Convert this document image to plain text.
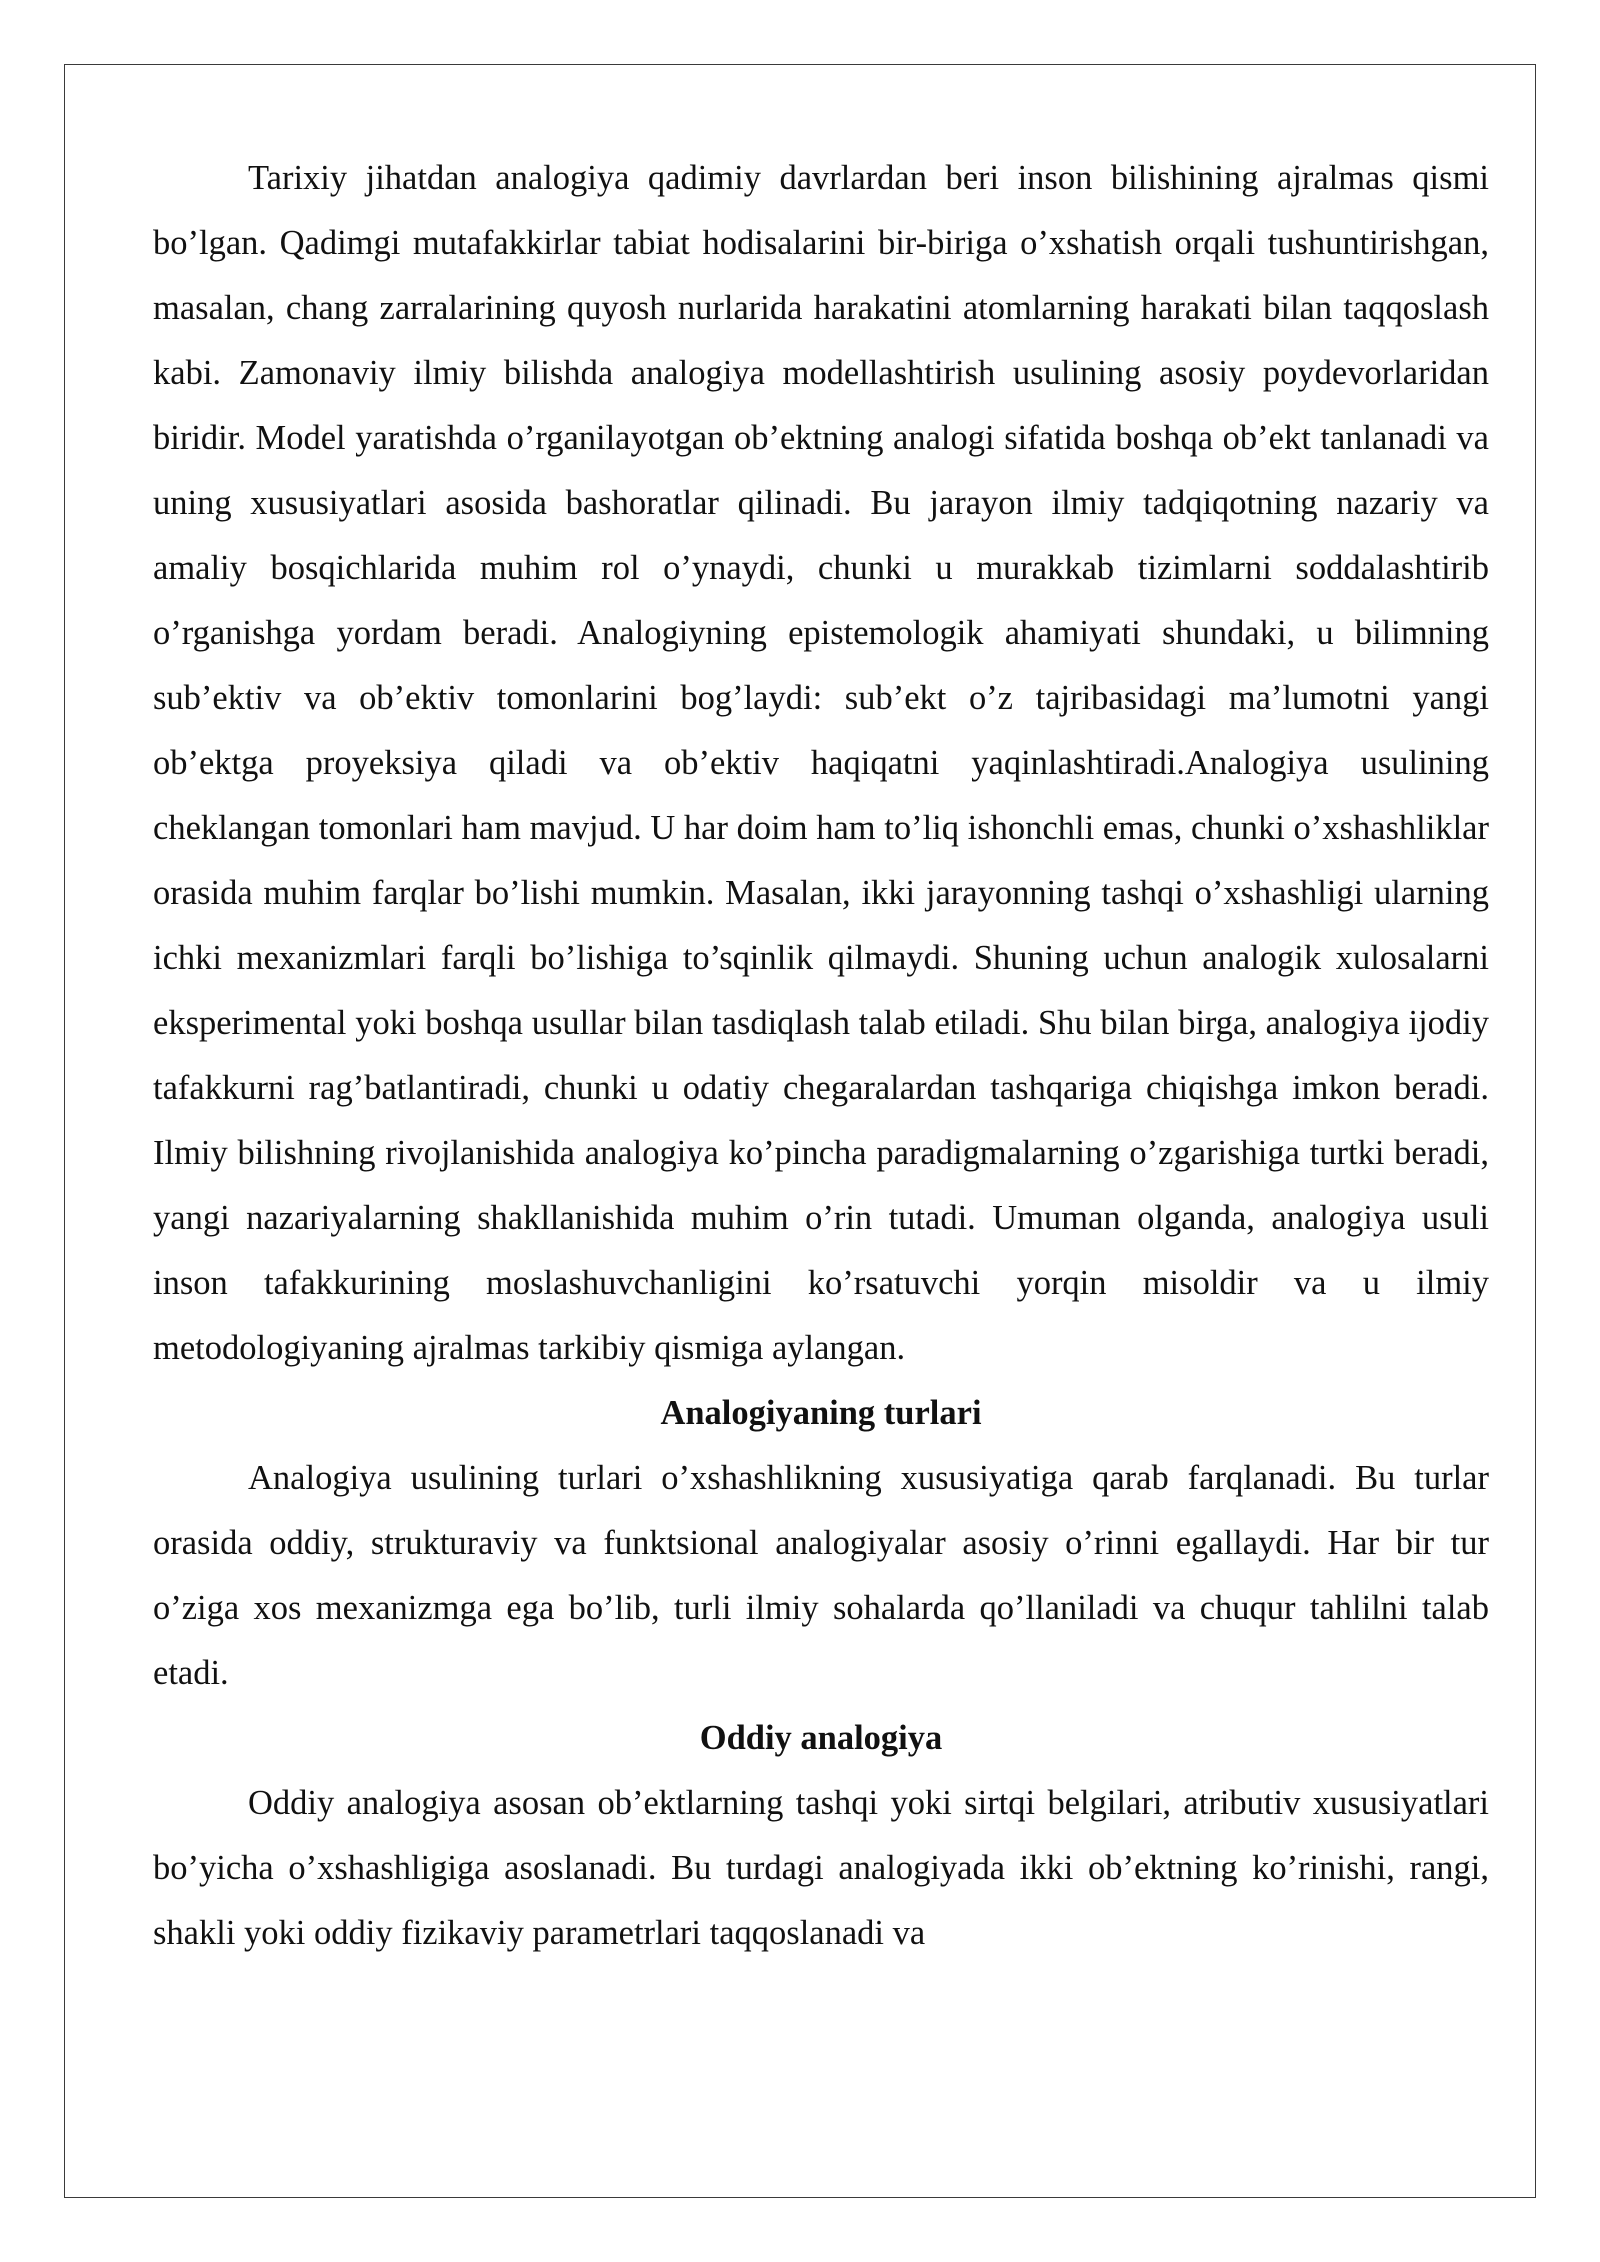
Tarixiy jihatdan analogiya qadimiy davrlardan beri inson bilishining ajralmas qismi bo’lgan. Qadimgi mutafakkirlar tabiat hodisalarini bir-biriga o’xshatish orqali tushuntirishgan, masalan, chang zarralarining quyosh nurlarida harakatini atomlarning harakati bilan taqqoslash kabi. Zamonaviy ilmiy bilishda analogiya modellashtirish usulining asosiy poydevorlaridan biridir. Model yaratishda o’rganilayotgan ob’ektning analogi sifatida boshqa ob’ekt tanlanadi va uning xususiyatlari asosida bashoratlar qilinadi. Bu jarayon ilmiy tadqiqotning nazariy va amaliy bosqichlarida muhim rol o’ynaydi, chunki u murakkab tizimlarni soddalashtirib o’rganishga yordam beradi. Analogiyning epistemologik ahamiyati shundaki, u bilimning sub’ektiv va ob’ektiv tomonlarini bog’laydi: sub’ekt o’z tajribasidagi ma’lumotni yangi ob’ektga proyeksiya qiladi va ob’ektiv haqiqatni yaqinlashtiradi.Analogiya usulining cheklangan tomonlari ham mavjud. U har doim ham to’liq ishonchli emas, chunki o’xshashliklar orasida muhim farqlar bo’lishi mumkin. Masalan, ikki jarayonning tashqi o’xshashligi ularning ichki mexanizmlari farqli bo’lishiga to’sqinlik qilmaydi. Shuning uchun analogik xulosalarni eksperimental yoki boshqa usullar bilan tasdiqlash talab etiladi. Shu bilan birga, analogiya ijodiy tafakkurni rag’batlantiradi, chunki u odatiy chegaralardan tashqariga chiqishga imkon beradi. Ilmiy bilishning rivojlanishida analogiya ko’pincha paradigmalarning o’zgarishiga turtki beradi, yangi nazariyalarning shakllanishida muhim o’rin tutadi. Umuman olganda, analogiya usuli inson tafakkurining moslashuvchanligini ko’rsatuvchi yorqin misoldir va u ilmiy metodologiyaning ajralmas tarkibiy qismiga aylangan.

Analogiyaning turlari

Analogiya usulining turlari o’xshashlikning xususiyatiga qarab farqlanadi. Bu turlar orasida oddiy, strukturaviy va funktsional analogiyalar asosiy o’rinni egallaydi. Har bir tur o’ziga xos mexanizmga ega bo’lib, turli ilmiy sohalarda qo’llaniladi va chuqur tahlilni talab etadi.

Oddiy analogiya

Oddiy analogiya asosan ob’ektlarning tashqi yoki sirtqi belgilari, atributiv xususiyatlari bo’yicha o’xshashligiga asoslanadi. Bu turdagi analogiyada ikki ob’ektning ko’rinishi, rangi, shakli yoki oddiy fizikaviy parametrlari taqqoslanadi va
